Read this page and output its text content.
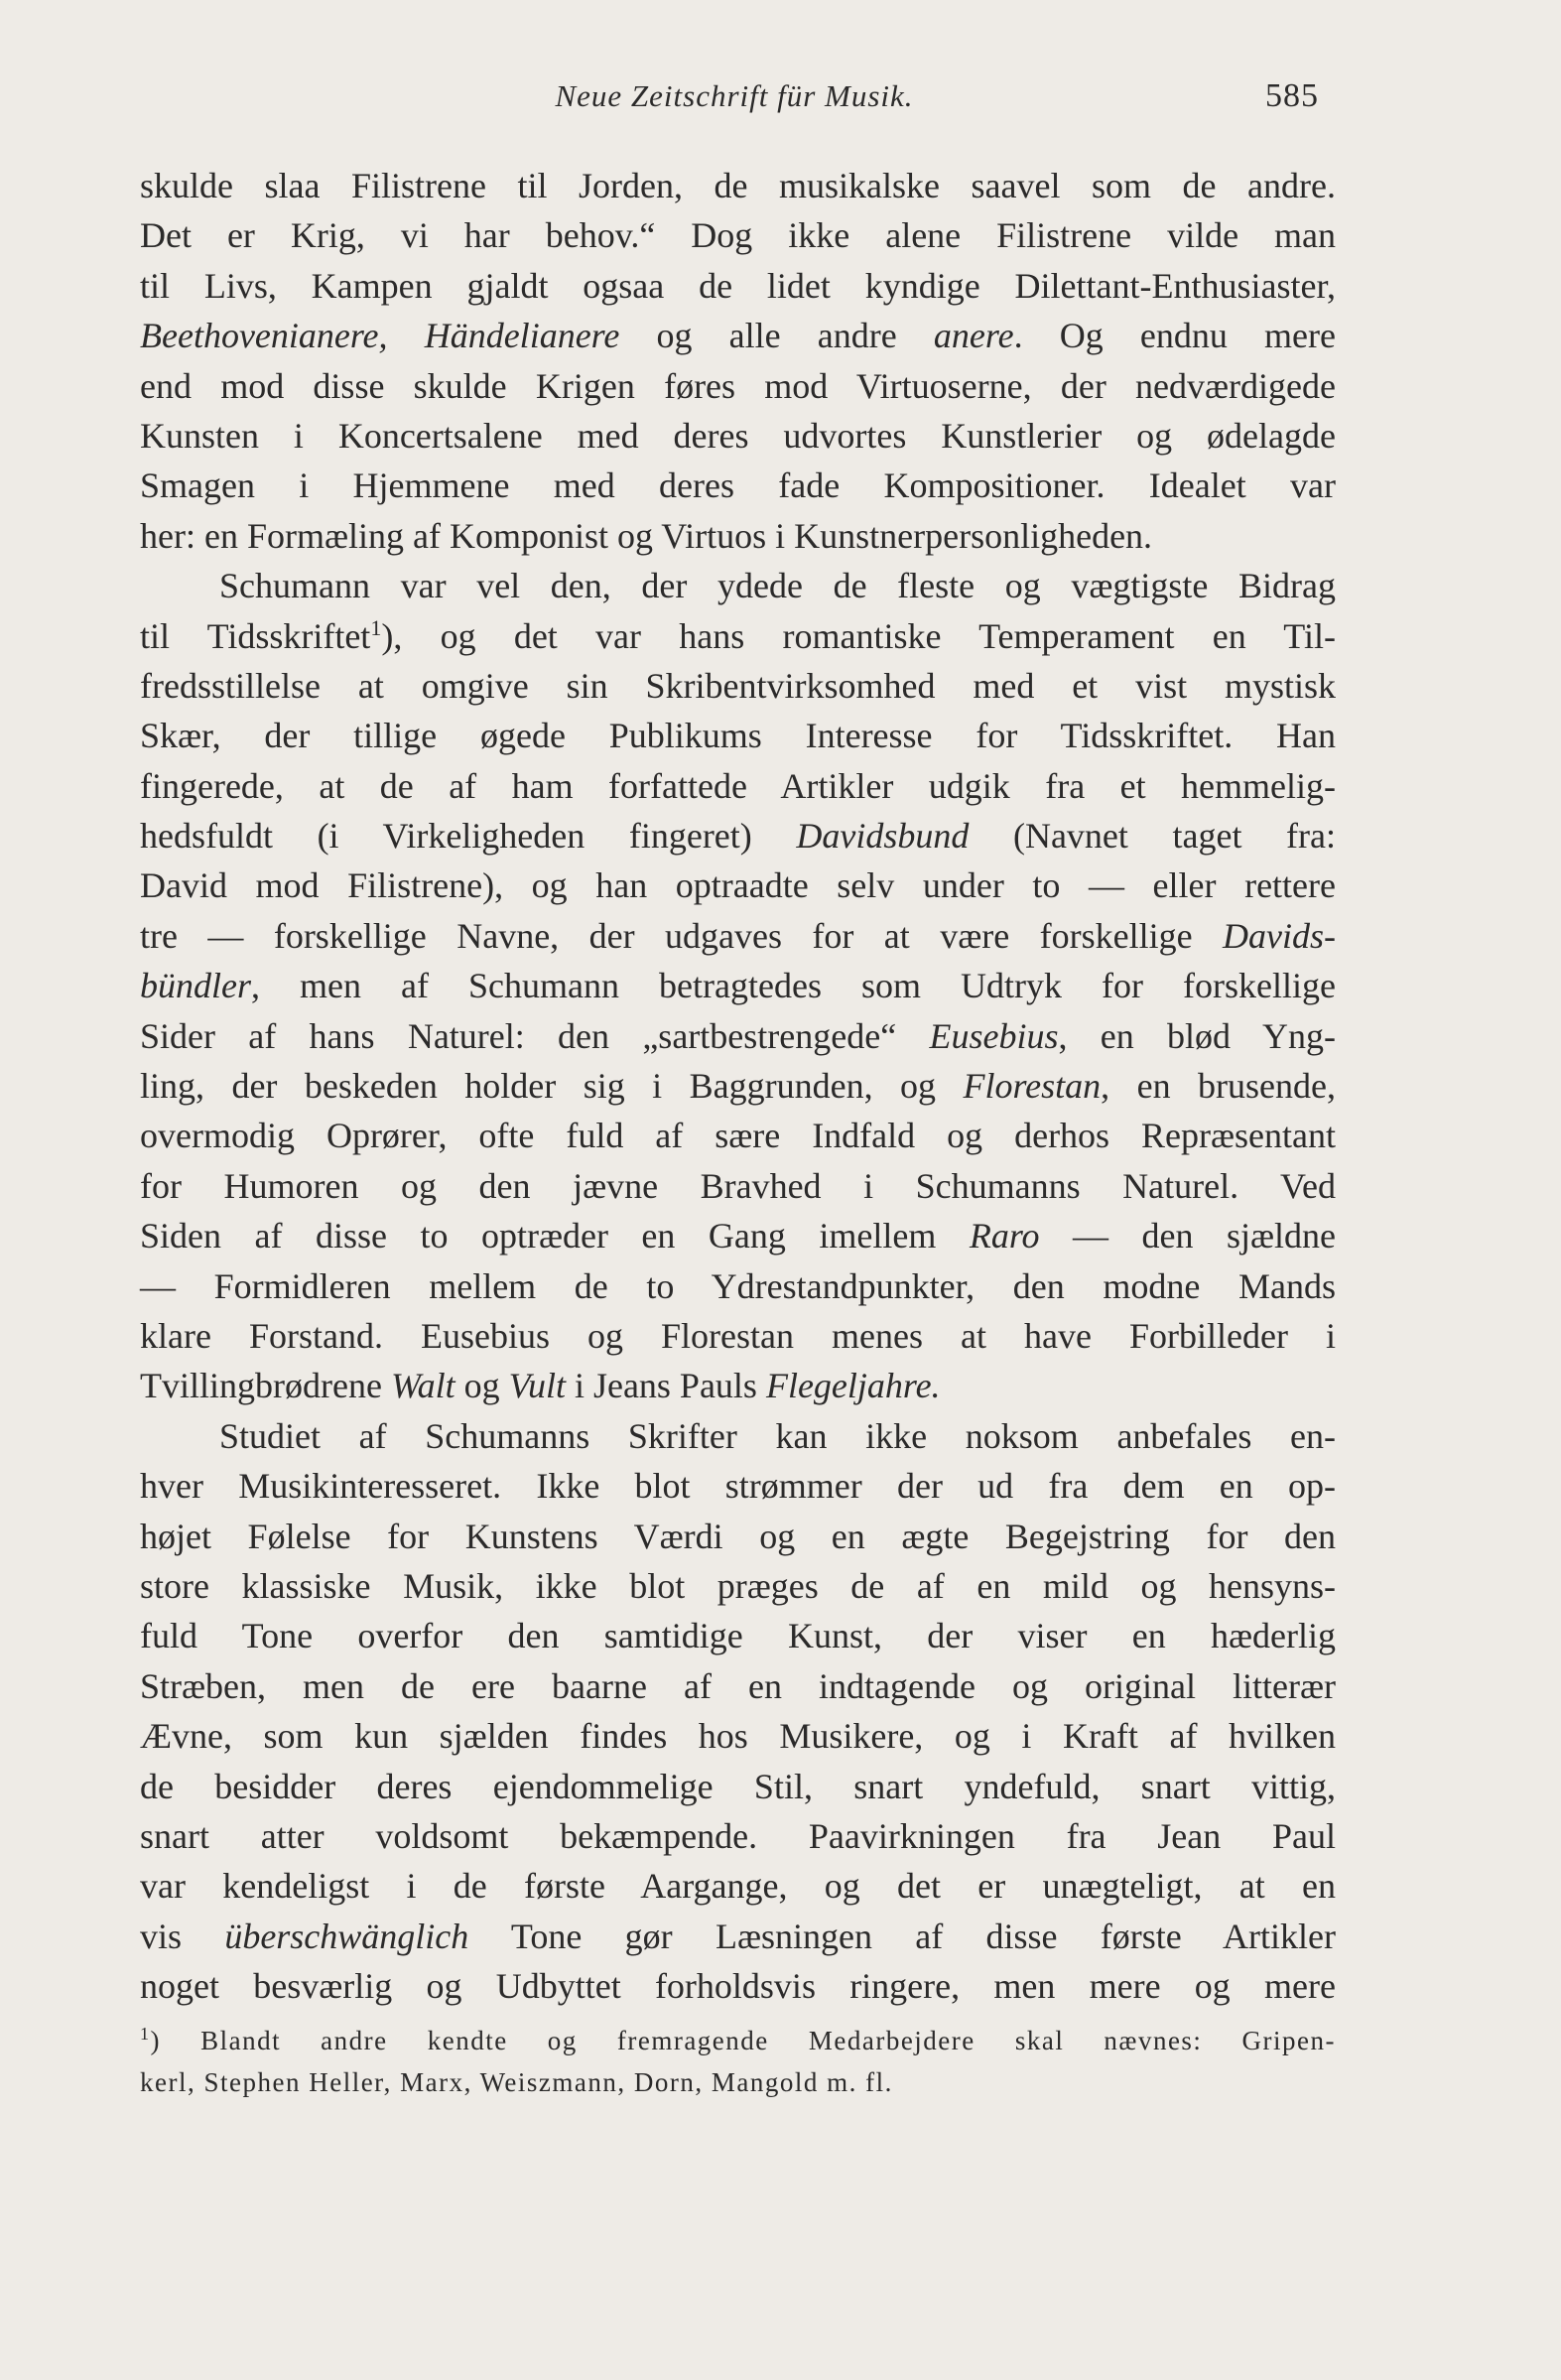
Neue Zeitschrift für Musik.	585
skulde slaa Filistrene til Jorden, de musikalske saavel som de andre.
Det er Krig, vi har behov.“ Dog ikke alene Filistrene vilde man
til Livs, Kampen gjaldt ogsaa de lidet kyndige Dilettant-Enthusiaster,
Beethovenianere, Händelianere og alle andre anere. Og endnu mere
end mod disse skulde Krigen føres mod Virtuoserne, der nedværdigede
Kunsten i Koncertsalene med deres udvortes Kunstlerier og ødelagde
Smagen i Hjemmene med deres fade Kompositioner. Idealet var
her: en Formæling af Komponist og Virtuos i Kunstnerpersonligheden.
Schumann var vel den, der ydede de fleste og vægtigste Bidrag
til Tidsskriftet$^1$), og det var hans romantiske Temperament en Til-
fredsstillelse at omgive sin Skribentvirksomhed med et vist mystisk
Skær, der tillige øgede Publikums Interesse for Tidsskriftet. Han
fingerede, at de af ham forfattede Artikler udgik fra et hemmelig-
hedsfuldt (i Virkeligheden fingeret) Davidsbund (Navnet taget fra:
David mod Filistrene), og han optraadte selv under to — eller rettere
tre — forskellige Navne, der udgaves for at være forskellige Davids-
bündler, men af Schumann betragtedes som Udtryk for forskellige
Sider af hans Naturel: den „sartbestrengede“ Eusebius, en blød Yng-
ling, der beskeden holder sig i Baggrunden, og Florestan, en brusende,
overmodig Oprører, ofte fuld af sære Indfald og derhos Repræsentant
for Humoren og den jævne Bravhed i Schumanns Naturel. Ved
Siden af disse to optræder en Gang imellem Raro — den sjældne
— Formidleren mellem de to Ydrestandpunkter, den modne Mands
klare Forstand. Eusebius og Florestan menes at have Forbilleder i
Tvillingbrødrene Walt og Vult i Jeans Pauls Flegeljahre.
Studiet af Schumanns Skrifter kan ikke noksom anbefales en-
hver Musikinteresseret. Ikke blot strømmer der ud fra dem en op-
højet Følelse for Kunstens Værdi og en ægte Begejstring for den
store klassiske Musik, ikke blot præges de af en mild og hensyns-
fuld Tone overfor den samtidige Kunst, der viser en hæderlig
Stræben, men de ere baarne af en indtagende og original litterær
Ævne, som kun sjælden findes hos Musikere, og i Kraft af hvilken
de besidder deres ejendommelige Stil, snart yndefuld, snart vittig,
snart atter voldsomt bekæmpende. Paavirkningen fra Jean Paul
var kendeligst i de første Aargange, og det er unægteligt, at en
vis überschwänglich Tone gør Læsningen af disse første Artikler
noget besværlig og Udbyttet forholdsvis ringere, men mere og mere
$^1$) Blandt andre kendte og fremragende Medarbejdere skal nævnes: Gripen-
kerl, Stephen Heller, Marx, Weiszmann, Dorn, Mangold m. fl.
